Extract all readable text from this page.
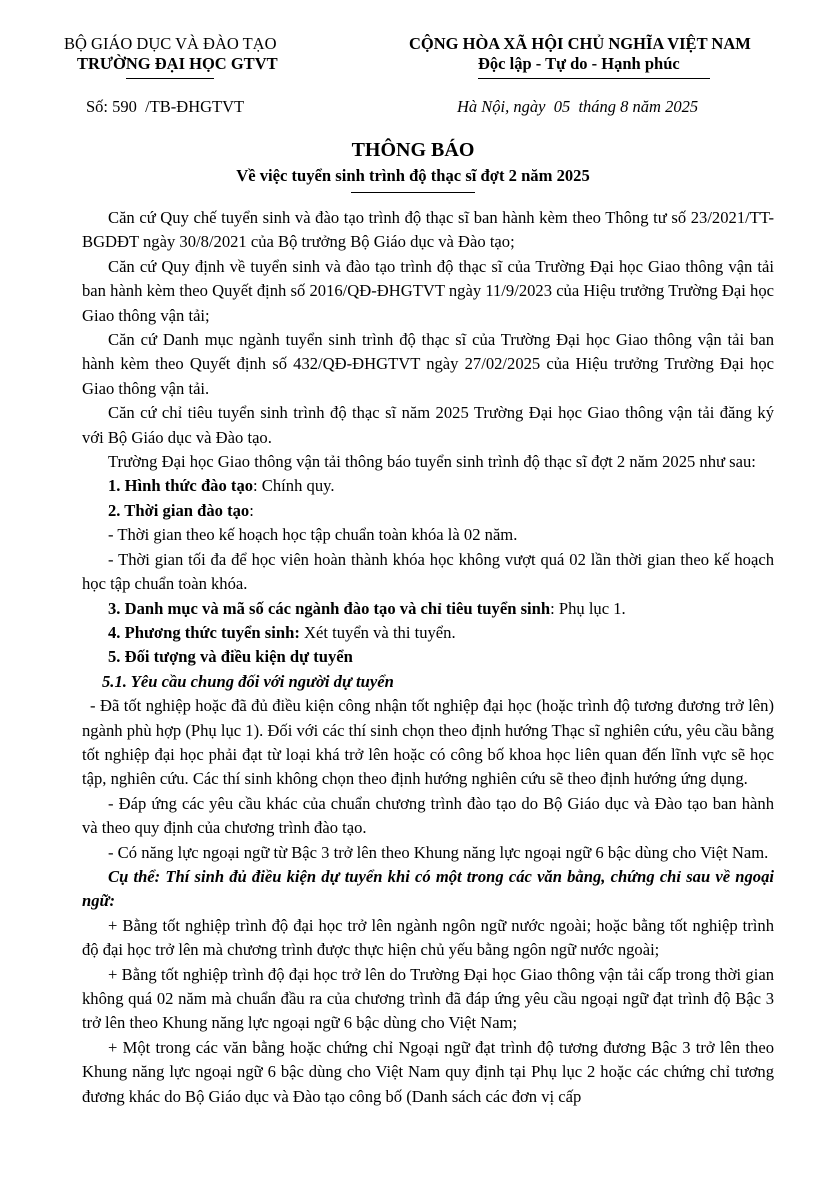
BỘ GIÁO DỤC VÀ ĐÀO TẠO
TRƯỜNG ĐẠI HỌC GTVT
CỘNG HÒA XÃ HỘI CHỦ NGHĨA VIỆT NAM
Độc lập - Tự do - Hạnh phúc
Số: 590  /TB-ĐHGTVT	Hà Nội, ngày  05  tháng 8 năm 2025
THÔNG BÁO
Về việc tuyển sinh trình độ thạc sĩ đợt 2 năm 2025

Căn cứ Quy chế tuyển sinh và đào tạo trình độ thạc sĩ ban hành kèm theo Thông tư số 23/2021/TT-BGDĐT ngày 30/8/2021 của Bộ trưởng Bộ Giáo dục và Đào tạo;

Căn cứ Quy định về tuyển sinh và đào tạo trình độ thạc sĩ của Trường Đại học Giao thông vận tải ban hành kèm theo Quyết định số 2016/QĐ-ĐHGTVT ngày 11/9/2023 của Hiệu trưởng Trường Đại học Giao thông vận tải;

Căn cứ Danh mục ngành tuyển sinh trình độ thạc sĩ của Trường Đại học Giao thông vận tải ban hành kèm theo Quyết định số 432/QĐ-ĐHGTVT ngày 27/02/2025 của Hiệu trưởng Trường Đại học Giao thông vận tải.

Căn cứ chỉ tiêu tuyển sinh trình độ thạc sĩ năm 2025 Trường Đại học Giao thông vận tải đăng ký với Bộ Giáo dục và Đào tạo.

Trường Đại học Giao thông vận tải thông báo tuyển sinh trình độ thạc sĩ đợt 2 năm 2025 như sau:

1. Hình thức đào tạo: Chính quy.

2. Thời gian đào tạo:

- Thời gian theo kế hoạch học tập chuẩn toàn khóa là 02 năm.

- Thời gian tối đa để học viên hoàn thành khóa học không vượt quá 02 lần thời gian theo kế hoạch học tập chuẩn toàn khóa.

3. Danh mục và mã số các ngành đào tạo và chỉ tiêu tuyển sinh: Phụ lục 1.

4. Phương thức tuyển sinh: Xét tuyển và thi tuyển.

5. Đối tượng và điều kiện dự tuyển

5.1. Yêu cầu chung đối với người dự tuyển

- Đã tốt nghiệp hoặc đã đủ điều kiện công nhận tốt nghiệp đại học (hoặc trình độ tương đương trở lên) ngành phù hợp (Phụ lục 1). Đối với các thí sinh chọn theo định hướng Thạc sĩ nghiên cứu, yêu cầu bằng tốt nghiệp đại học phải đạt từ loại khá trở lên hoặc có công bố khoa học liên quan đến lĩnh vực sẽ học tập, nghiên cứu. Các thí sinh không chọn theo định hướng nghiên cứu sẽ theo định hướng ứng dụng.

- Đáp ứng các yêu cầu khác của chuẩn chương trình đào tạo do Bộ Giáo dục và Đào tạo ban hành và theo quy định của chương trình đào tạo.

- Có năng lực ngoại ngữ từ Bậc 3 trở lên theo Khung năng lực ngoại ngữ 6 bậc dùng cho Việt Nam.

Cụ thể: Thí sinh đủ điều kiện dự tuyển khi có một trong các văn bằng, chứng chỉ sau về ngoại ngữ:

+ Bằng tốt nghiệp trình độ đại học trở lên ngành ngôn ngữ nước ngoài; hoặc bằng tốt nghiệp trình độ đại học trở lên mà chương trình được thực hiện chủ yếu bằng ngôn ngữ nước ngoài;

+ Bằng tốt nghiệp trình độ đại học trở lên do Trường Đại học Giao thông vận tải cấp trong thời gian không quá 02 năm mà chuẩn đầu ra của chương trình đã đáp ứng yêu cầu ngoại ngữ đạt trình độ Bậc 3 trở lên theo Khung năng lực ngoại ngữ 6 bậc dùng cho Việt Nam;

+ Một trong các văn bằng hoặc chứng chỉ Ngoại ngữ đạt trình độ tương đương Bậc 3 trở lên theo Khung năng lực ngoại ngữ 6 bậc dùng cho Việt Nam quy định tại Phụ lục 2 hoặc các chứng chỉ tương đương khác do Bộ Giáo dục và Đào tạo công bố (Danh sách các đơn vị cấp
